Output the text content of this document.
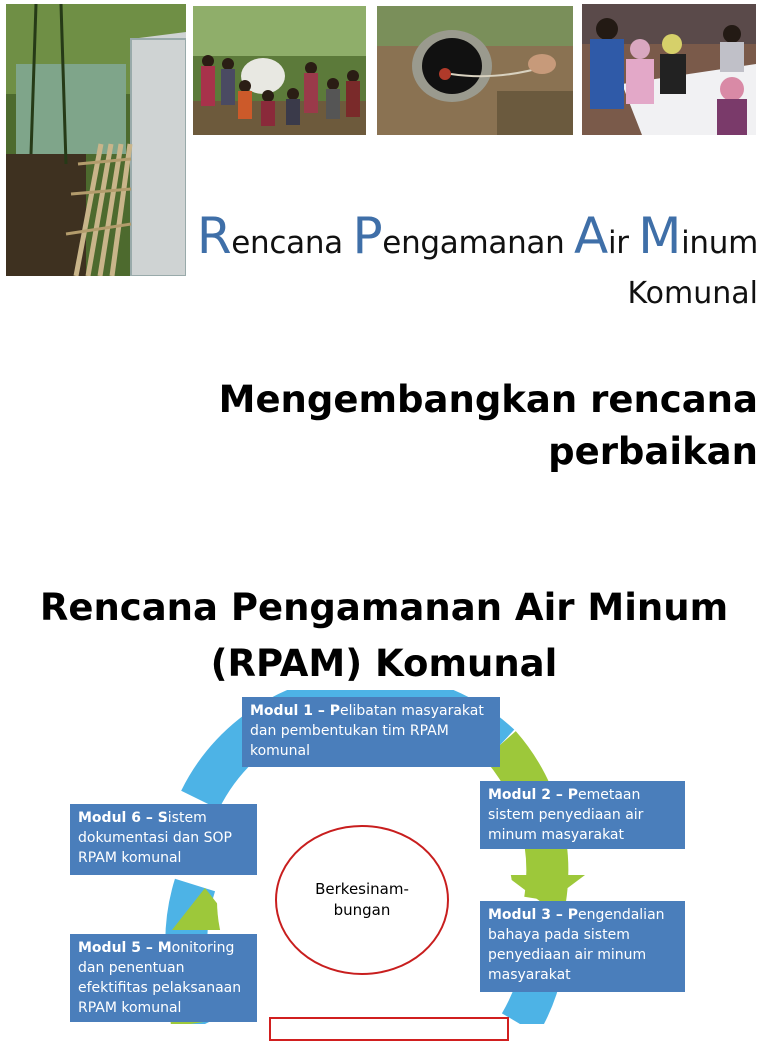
Rencana Pengamanan Air Minum
Komunal
Mengembangkan rencana perbaikan
Rencana Pengamanan Air Minum (RPAM) Komunal
Berkesinam-
bungan
Modul 1 – Pelibatan masyarakat dan pembentukan tim RPAM komunal
Modul 2 – Pemetaan sistem penyediaan air minum masyarakat
Modul 3 – Pengendalian bahaya pada sistem penyediaan air minum masyarakat
Modul 5 – Monitoring dan penentuan efektifitas pelaksanaan RPAM komunal
Modul 6 – Sistem dokumentasi dan SOP RPAM komunal
